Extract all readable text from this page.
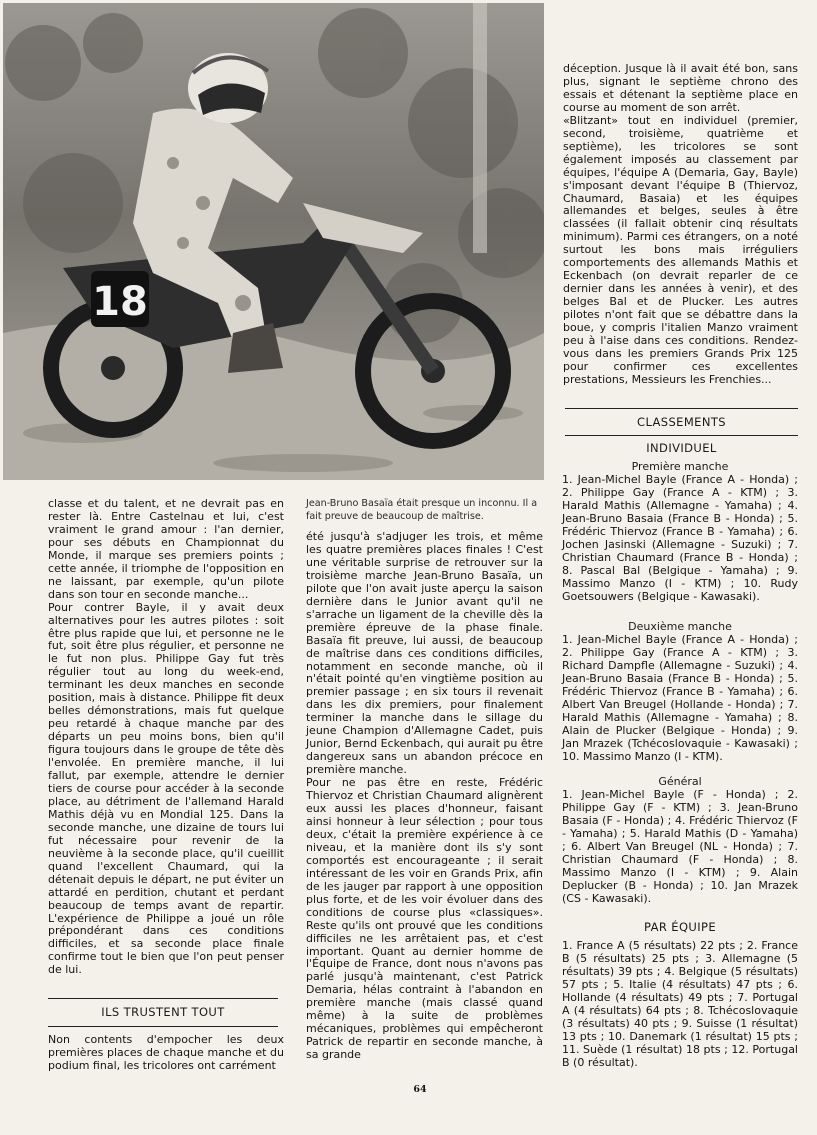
18
Jean-Bruno Basaïa était presque un inconnu. Il a fait preuve de beaucoup de maîtrise.

classe et du talent, et ne devrait pas en rester là. Entre Castelnau et lui, c'est vraiment le grand amour : l'an dernier, pour ses débuts en Championnat du Monde, il marque ses premiers points ; cette année, il triomphe de l'opposition en ne laissant, par exemple, qu'un pilote dans son tour en seconde manche...

Pour contrer Bayle, il y avait deux alternatives pour les autres pilotes : soit être plus rapide que lui, et personne ne le fut, soit être plus régulier, et personne ne le fut non plus. Philippe Gay fut très régulier tout au long du week-end, terminant les deux manches en seconde position, mais à distance. Philippe fit deux belles démonstrations, mais fut quelque peu retardé à chaque manche par des départs un peu moins bons, bien qu'il figura toujours dans le groupe de tête dès l'envolée. En première manche, il lui fallut, par exemple, attendre le dernier tiers de course pour accéder à la seconde place, au détriment de l'allemand Harald Mathis déjà vu en Mondial 125. Dans la seconde manche, une dizaine de tours lui fut nécessaire pour revenir de la neuvième à la seconde place, qu'il cueillit quand l'excellent Chaumard, qui la détenait depuis le départ, ne put éviter un attardé en perdition, chutant et perdant beaucoup de temps avant de repartir. L'expérience de Philippe a joué un rôle prépondérant dans ces conditions difficiles, et sa seconde place finale confirme tout le bien que l'on peut penser de lui.

ILS TRUSTENT TOUT

Non contents d'empocher les deux premières places de chaque manche et du podium final, les tricolores ont carrément

été jusqu'à s'adjuger les trois, et même les quatre premières places finales ! C'est une véritable surprise de retrouver sur la troisième marche Jean-Bruno Basaïa, un pilote que l'on avait juste aperçu la saison dernière dans le Junior avant qu'il ne s'arrache un ligament de la cheville dès la première épreuve de la phase finale. Basaïa fit preuve, lui aussi, de beaucoup de maîtrise dans ces conditions difficiles, notamment en seconde manche, où il n'était pointé qu'en vingtième position au premier passage ; en six tours il revenait dans les dix premiers, pour finalement terminer la manche dans le sillage du jeune Champion d'Allemagne Cadet, puis Junior, Bernd Eckenbach, qui aurait pu être dangereux sans un abandon précoce en première manche.

Pour ne pas être en reste, Frédéric Thiervoz et Christian Chaumard alignèrent eux aussi les places d'honneur, faisant ainsi honneur à leur sélection ; pour tous deux, c'était la première expérience à ce niveau, et la manière dont ils s'y sont comportés est encourageante ; il serait intéressant de les voir en Grands Prix, afin de les jauger par rapport à une opposition plus forte, et de les voir évoluer dans des conditions de course plus «classiques». Reste qu'ils ont prouvé que les conditions difficiles ne les arrêtaient pas, et c'est important. Quant au dernier homme de l'Équipe de France, dont nous n'avons pas parlé jusqu'à maintenant, c'est Patrick Demaria, hélas contraint à l'abandon en première manche (mais classé quand même) à la suite de problèmes mécaniques, problèmes qui empêcheront Patrick de repartir en seconde manche, à sa grande

déception. Jusque là il avait été bon, sans plus, signant le septième chrono des essais et détenant la septième place en course au moment de son arrêt.

«Blitzant» tout en individuel (premier, second, troisième, quatrième et septième), les tricolores se sont également imposés au classement par équipes, l'équipe A (Demaria, Gay, Bayle) s'imposant devant l'équipe B (Thiervoz, Chaumard, Basaia) et les équipes allemandes et belges, seules à être classées (il fallait obtenir cinq résultats minimum). Parmi ces étrangers, on a noté surtout les bons mais irréguliers comportements des allemands Mathis et Eckenbach (on devrait reparler de ce dernier dans les années à venir), et des belges Bal et de Plucker. Les autres pilotes n'ont fait que se débattre dans la boue, y compris l'italien Manzo vraiment peu à l'aise dans ces conditions. Rendez-vous dans les premiers Grands Prix 125 pour confirmer ces excellentes prestations, Messieurs les Frenchies...

CLASSEMENTS
INDIVIDUEL
Première manche

1. Jean-Michel Bayle (France A - Honda) ; 2. Philippe Gay (France A - KTM) ; 3. Harald Mathis (Allemagne - Yamaha) ; 4. Jean-Bruno Basaia (France B - Honda) ; 5. Frédéric Thiervoz (France B - Yamaha) ; 6. Jochen Jasinski (Allemagne - Suzuki) ; 7. Christian Chaumard (France B - Honda) ; 8. Pascal Bal (Belgique - Yamaha) ; 9. Massimo Manzo (I - KTM) ; 10. Rudy Goetsouwers (Belgique - Kawasaki).

Deuxième manche

1. Jean-Michel Bayle (France A - Honda) ; 2. Philippe Gay (France A - KTM) ; 3. Richard Dampfle (Allemagne - Suzuki) ; 4. Jean-Bruno Basaia (France B - Honda) ; 5. Frédéric Thiervoz (France B - Yamaha) ; 6. Albert Van Breugel (Hollande - Honda) ; 7. Harald Mathis (Allemagne - Yamaha) ; 8. Alain de Plucker (Belgique - Honda) ; 9. Jan Mrazek (Tchécoslovaquie - Kawasaki) ; 10. Massimo Manzo (I - KTM).

Général

1. Jean-Michel Bayle (F - Honda) ; 2. Philippe Gay (F - KTM) ; 3. Jean-Bruno Basaia (F - Honda) ; 4. Frédéric Thiervoz (F - Yamaha) ; 5. Harald Mathis (D - Yamaha) ; 6. Albert Van Breugel (NL - Honda) ; 7. Christian Chaumard (F - Honda) ; 8. Massimo Manzo (I - KTM) ; 9. Alain Deplucker (B - Honda) ; 10. Jan Mrazek (CS - Kawasaki).

PAR ÉQUIPE

1. France A (5 résultats) 22 pts ; 2. France B (5 résultats) 25 pts ; 3. Allemagne (5 résultats) 39 pts ; 4. Belgique (5 résultats) 57 pts ; 5. Italie (4 résultats) 47 pts ; 6. Hollande (4 résultats) 49 pts ; 7. Portugal A (4 résultats) 64 pts ; 8. Tchécoslovaquie (3 résultats) 40 pts ; 9. Suisse (1 résultat) 13 pts ; 10. Danemark (1 résultat) 15 pts ; 11. Suède (1 résultat) 18 pts ; 12. Portugal B (0 résultat).

64
